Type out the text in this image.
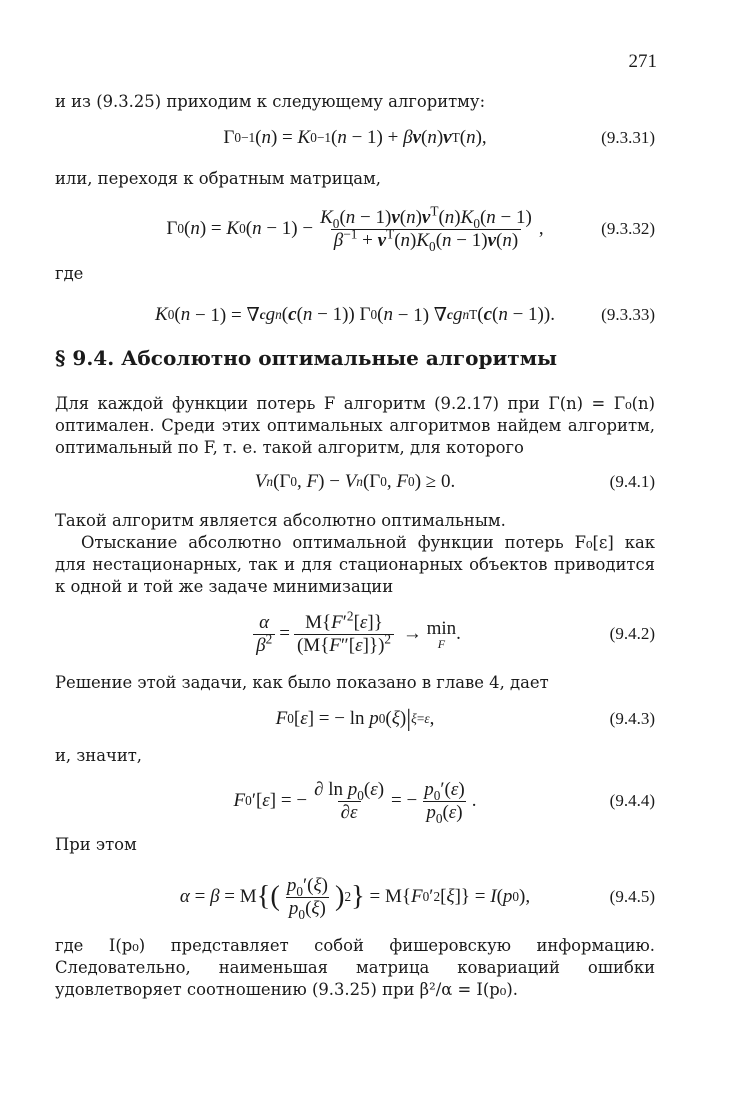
271
и из (9.3.25) приходим к следующему алгоритму:
Γ 0 −1 ( n ) = K 0 −1 ( n − 1) + β v ( n ) v T ( n ),	(9.3.31)
или, переходя к обратным матрицам,
Γ 0 ( n ) = K 0 ( $n - 1) - \frac{K_0(n - 1)v(n)v^T(n)K_0(n - 1)}{\beta^{-1} + v^T(n)K_0(n - 1)v(n)}$ ,	(9.3.32)
где
K 0 ( n − 1) = ∇ c g n ( c ( n − 1)) Γ 0 ( n − 1) ∇ c g n T ( c ( n − 1)).	(9.3.33)
§ 9.4. Абсолютно оптимальные алгоритмы
Для каждой функции потерь F алгоритм (9.2.17) при Γ(n) = Γ₀(n) оптимален. Среди этих оптимальных алгоритмов найдем алгоритм, оптимальный по F, т. е. такой алгоритм, для которого
V n (Γ 0 , F ) − V n (Γ 0 , F 0 ) ≥ 0.	(9.4.1)
Такой алгоритм является абсолютно оптимальным.
Отыскание абсолютно оптимальной функции потерь F₀[ε] как для нестационарных, так и для стационарных объектов приводится к одной и той же задаче минимизации
$\frac{\alpha}{\beta^2} = \frac{M\{F'^2[\varepsilon]\}}{(M\{F''[\varepsilon]\})^2} \to \min$
F .	(9.4.2)
Решение этой задачи, как было показано в главе 4, дает
F 0 [ ε ] = − ln p 0 ( ξ ) | ξ=ε ,	(9.4.3)
и, значит,
F 0 ′[ ε ] = − $\frac{\partial \ln p_0(\varepsilon)}{\partial\varepsilon}$ = − $\frac{p_0'(\varepsilon)}{p_0(\varepsilon)}$ .	(9.4.4)
При этом
α = β = M { ( $\frac{p_0'(\xi)}{p_0(\xi)}$ ) 2 } = M{ F 0 ′ 2 [ ξ ]} = I ( p 0 ),	(9.4.5)
где I(p₀) представляет собой фишеровскую информацию. Следовательно, наименьшая матрица ковариаций ошибки удовлетворяет соотношению (9.3.25) при β²/α = I(p₀).
